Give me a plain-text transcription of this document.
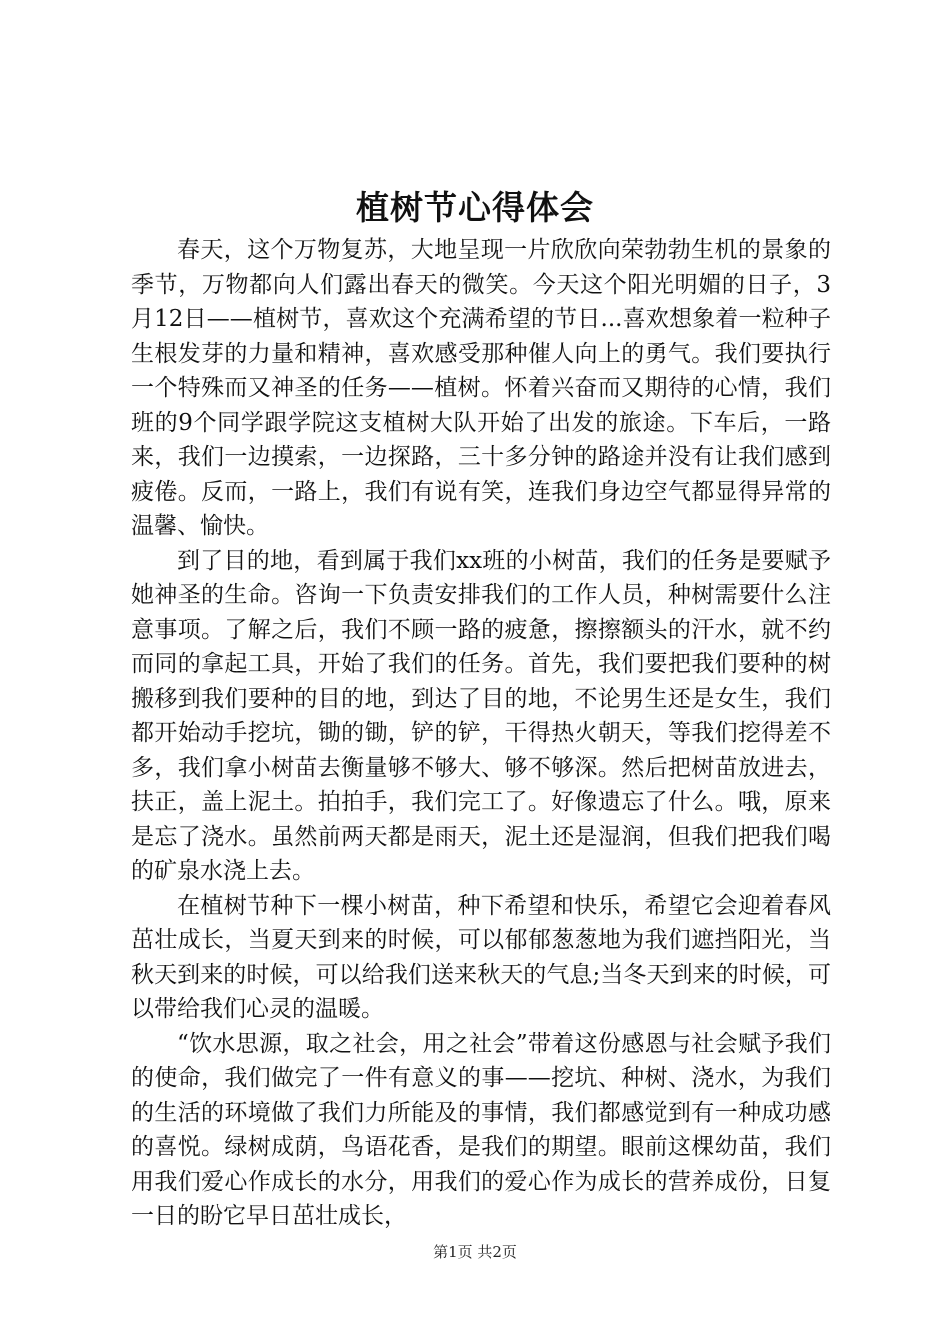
植树节心得体会

春天，这个万物复苏，大地呈现一片欣欣向荣勃勃生机的景象的季节，万物都向人们露出春天的微笑。今天这个阳光明媚的日子，3月12日——植树节，喜欢这个充满希望的节日...喜欢想象着一粒种子生根发芽的力量和精神，喜欢感受那种催人向上的勇气。我们要执行一个特殊而又神圣的任务——植树。怀着兴奋而又期待的心情，我们班的9个同学跟学院这支植树大队开始了出发的旅途。下车后，一路来，我们一边摸索，一边探路，三十多分钟的路途并没有让我们感到疲倦。反而，一路上，我们有说有笑，连我们身边空气都显得异常的温馨、愉快。

到了目的地，看到属于我们xx班的小树苗，我们的任务是要赋予她神圣的生命。咨询一下负责安排我们的工作人员，种树需要什么注意事项。了解之后，我们不顾一路的疲惫，擦擦额头的汗水，就不约而同的拿起工具，开始了我们的任务。首先，我们要把我们要种的树搬移到我们要种的目的地，到达了目的地，不论男生还是女生，我们都开始动手挖坑，锄的锄，铲的铲，干得热火朝天，等我们挖得差不多，我们拿小树苗去衡量够不够大、够不够深。然后把树苗放进去，扶正，盖上泥土。拍拍手，我们完工了。好像遗忘了什么。哦，原来是忘了浇水。虽然前两天都是雨天，泥土还是湿润，但我们把我们喝的矿泉水浇上去。

在植树节种下一棵小树苗，种下希望和快乐，希望它会迎着春风茁壮成长，当夏天到来的时候，可以郁郁葱葱地为我们遮挡阳光，当秋天到来的时候，可以给我们送来秋天的气息;当冬天到来的时候，可以带给我们心灵的温暖。

“饮水思源，取之社会，用之社会”带着这份感恩与社会赋予我们的使命，我们做完了一件有意义的事——挖坑、种树、浇水，为我们的生活的环境做了我们力所能及的事情，我们都感觉到有一种成功感的喜悦。绿树成荫，鸟语花香，是我们的期望。眼前这棵幼苗，我们用我们爱心作成长的水分，用我们的爱心作为成长的营养成份，日复一日的盼它早日茁壮成长，

第1页 共2页
